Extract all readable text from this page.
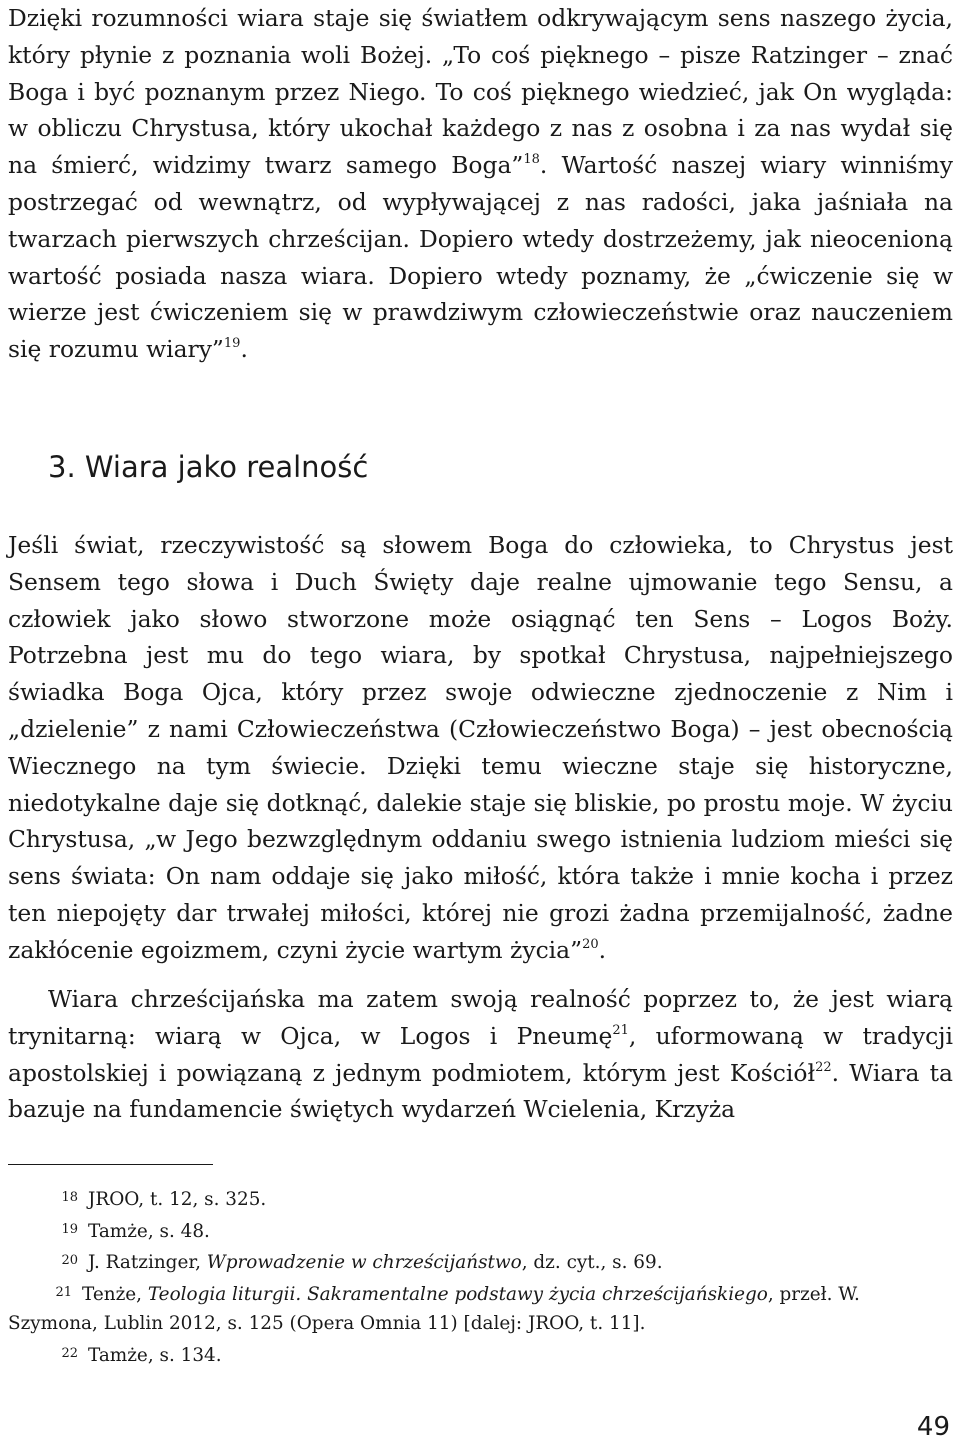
Dzięki rozumności wiara staje się światłem odkrywającym sens naszego życia, który płynie z poznania woli Bożej. „To coś pięknego – pisze Ratzinger – znać Boga i być poznanym przez Niego. To coś pięknego wiedzieć, jak On wygląda: w obliczu Chrystusa, który ukochał każdego z nas z osobna i za nas wydał się na śmierć, widzimy twarz samego Boga”$^{18}$. Wartość naszej wiary winniśmy postrzegać od wewnątrz, od wypływającej z nas radości, jaka jaśniała na twarzach pierwszych chrześcijan. Dopiero wtedy dostrzeżemy, jak nieocenioną wartość posiada nasza wiara. Dopiero wtedy poznamy, że „ćwiczenie się w wierze jest ćwiczeniem się w prawdziwym człowieczeństwie oraz nauczeniem się rozumu wiary”$^{19}$.

3. Wiara jako realność

Jeśli świat, rzeczywistość są słowem Boga do człowieka, to Chrystus jest Sensem tego słowa i Duch Święty daje realne ujmowanie tego Sensu, a człowiek jako słowo stworzone może osiągnąć ten Sens – Logos Boży. Potrzebna jest mu do tego wiara, by spotkał Chrystusa, najpełniejszego świadka Boga Ojca, który przez swoje odwieczne zjednoczenie z Nim i „dzielenie” z nami Człowieczeństwa (Człowieczeństwo Boga) – jest obecnością Wiecznego na tym świecie. Dzięki temu wieczne staje się historyczne, niedotykalne daje się dotknąć, dalekie staje się bliskie, po prostu moje. W życiu Chrystusa, „w Jego bezwzględnym oddaniu swego istnienia ludziom mieści się sens świata: On nam oddaje się jako miłość, która także i mnie kocha i przez ten niepojęty dar trwałej miłości, której nie grozi żadna przemijalność, żadne zakłócenie egoizmem, czyni życie wartym życia”$^{20}$.

Wiara chrześcijańska ma zatem swoją realność poprzez to, że jest wiarą trynitarną: wiarą w Ojca, w Logos i Pneumę$^{21}$, uformowaną w tradycji apostolskiej i powiązaną z jednym podmiotem, którym jest Kościół$^{22}$. Wiara ta bazuje na fundamencie świętych wydarzeń Wcielenia, Krzyża

18 JROO, t. 12, s. 325.

19 Tamże, s. 48.

20 J. Ratzinger, Wprowadzenie w chrześcijaństwo, dz. cyt., s. 69.

21 Tenże, Teologia liturgii. Sakramentalne podstawy życia chrześcijańskiego, przeł. W. Szymona, Lublin 2012, s. 125 (Opera Omnia 11) [dalej: JROO, t. 11].

22 Tamże, s. 134.

49
